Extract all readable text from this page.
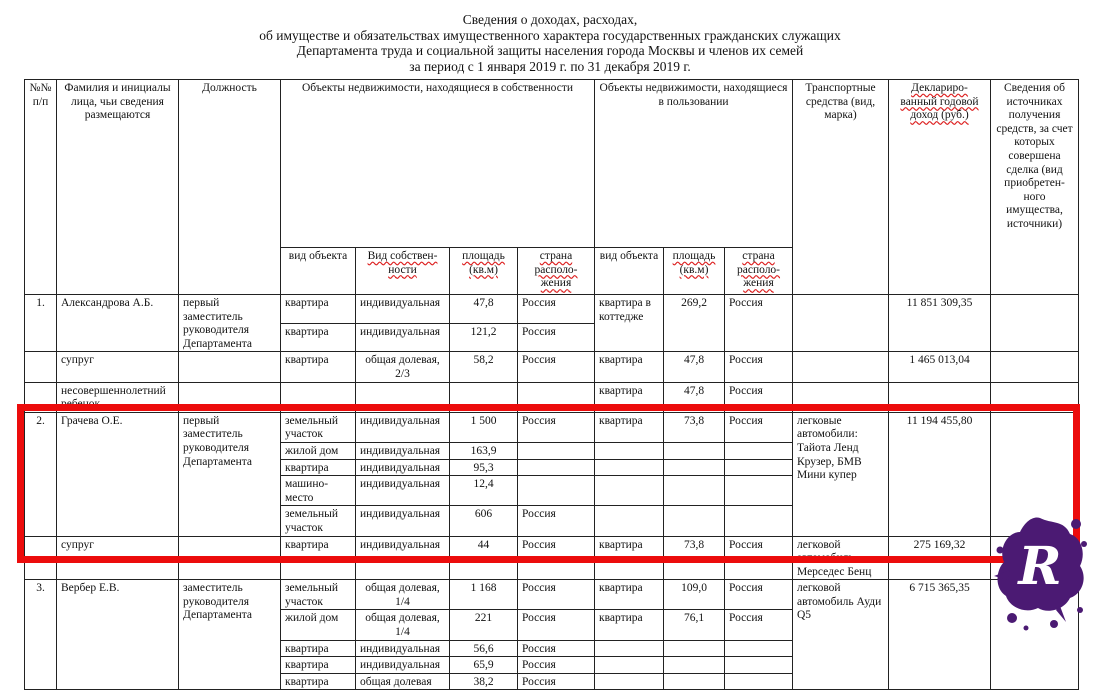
Сведения о доходах, расходах,
об имуществе и обязательствах имущественного характера государственных гражданских служащих
Департамента труда и социальной защиты населения города Москвы и членов их семей
за период с 1 января 2019 г. по 31 декабря 2019 г.
№№ п/п	Фамилия и инициалы лица, чьи сведения размещаются	Должность	Объекты недвижимости, находящиеся в собственности				Объекты недвижимости, находящиеся в пользовании			Транспортные средства (вид, марка)	Деклариро-ванный годовой доход (руб.)	Сведения об источниках получения средств, за счет которых совершена сделка (вид приобретен-ного имущества, источники)
			вид объекта	Вид собствен-ности	площадь (кв.м)	страна располо-жения	вид объекта	площадь (кв.м)	страна располо-жения			
1.	Александрова А.Б.	первый заместитель руководителя Департамента	квартира	индивидуальная	47,8	Россия	квартира в коттедже	269,2	Россия		11 851 309,35	
			квартира	индивидуальная	121,2	Россия						
	супруг		квартира	общая долевая, 2/3	58,2	Россия	квартира	47,8	Россия		1 465 013,04	
	несовершеннолетний ребенок						квартира	47,8	Россия			
2.	Грачева О.Е.	первый заместитель руководителя Департамента	земельный участок	индивидуальная	1 500	Россия	квартира	73,8	Россия	легковые автомобили: Тайота Ленд Крузер, БМВ Мини купер	11 194 455,80	
			жилой дом	индивидуальная	163,9							
			квартира	индивидуальная	95,3							
			машино-место	индивидуальная	12,4							
			земельный участок	индивидуальная	606	Россия						
	супруг		квартира	индивидуальная	44	Россия	квартира	73,8	Россия	легковой автомобиль Мерседес Бенц	275 169,32	
3.	Вербер Е.В.	заместитель руководителя Департамента	земельный участок	общая долевая, 1/4	1 168	Россия	квартира	109,0	Россия	легковой автомобиль Ауди Q5	6 715 365,35	
			жилой дом	общая долевая, 1/4	221	Россия	квартира	76,1	Россия			
			квартира	индивидуальная	56,6	Россия						
			квартира	индивидуальная	65,9	Россия						
			квартира	общая долевая	38,2	Россия						
R
